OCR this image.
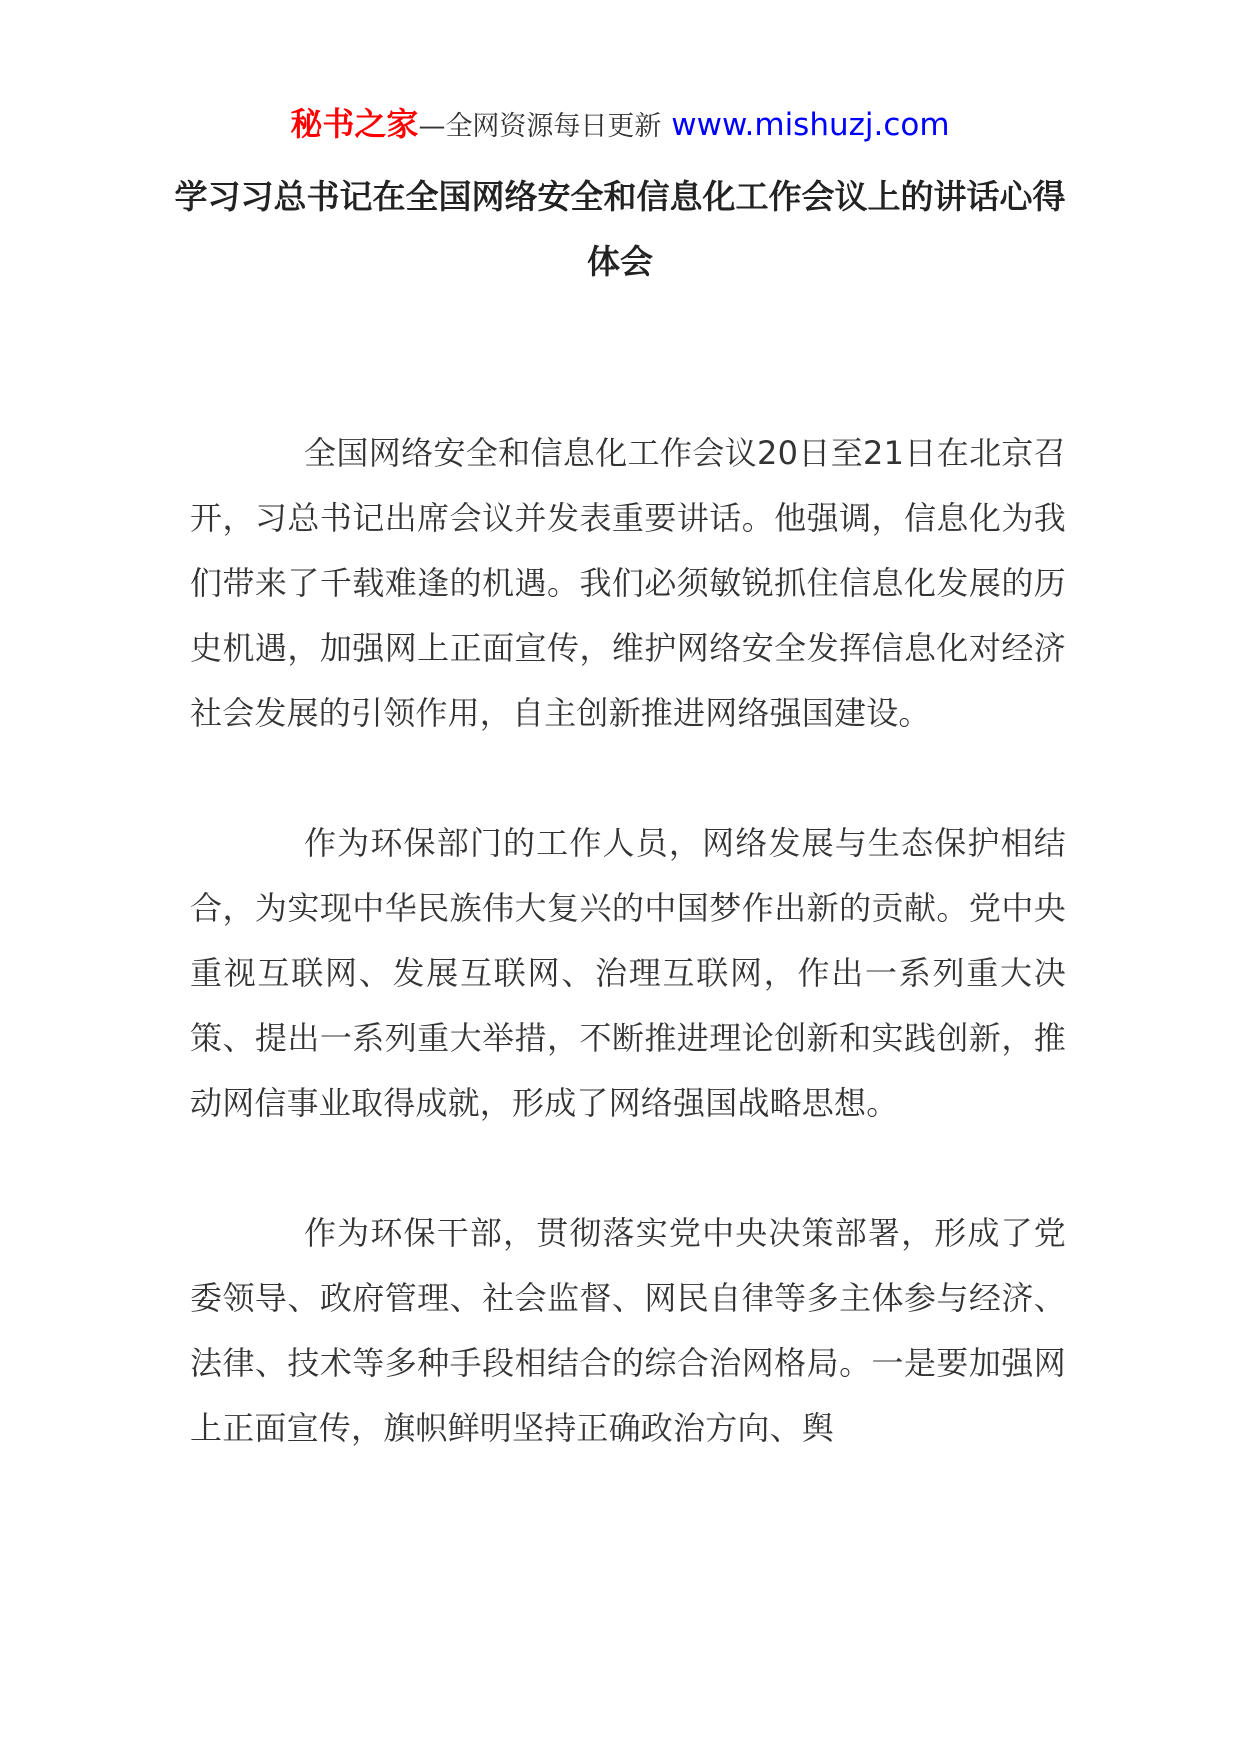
秘书之家—全网资源每日更新 www.mishuzj.com
学习习总书记在全国网络安全和信息化工作会议上的讲话心得体会

全国网络安全和信息化工作会议20日至21日在北京召开，习总书记出席会议并发表重要讲话。他强调，信息化为我们带来了千载难逢的机遇。我们必须敏锐抓住信息化发展的历史机遇，加强网上正面宣传，维护网络安全发挥信息化对经济社会发展的引领作用，自主创新推进网络强国建设。

作为环保部门的工作人员，网络发展与生态保护相结合，为实现中华民族伟大复兴的中国梦作出新的贡献。党中央重视互联网、发展互联网、治理互联网，作出一系列重大决策、提出一系列重大举措，不断推进理论创新和实践创新，推动网信事业取得成就，形成了网络强国战略思想。

作为环保干部，贯彻落实党中央决策部署，形成了党委领导、政府管理、社会监督、网民自律等多主体参与经济、法律、技术等多种手段相结合的综合治网格局。一是要加强网上正面宣传，旗帜鲜明坚持正确政治方向、舆
